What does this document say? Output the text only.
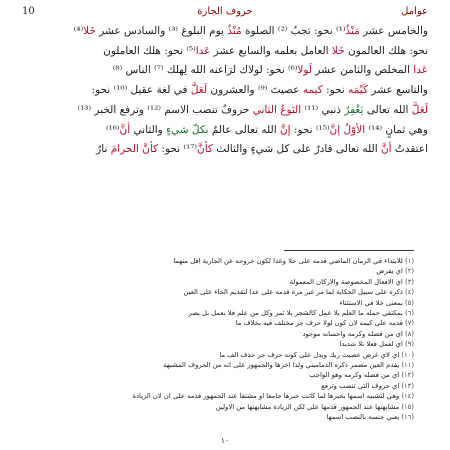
10	حروف الجارة	عوامل
والخامس عشر مَنْذُ⁽¹⁾ نحو: تجبُ ⁽²⁾ الصلوة مُنْذُ يوم البلوغ ⁽³⁾ والسادس عشر خَلا⁽⁴⁾
نحو: هلك العالمون خَلا العامل بعلمه والسابع عشر عَدا⁽⁵⁾ نحو: هلك العاملون
عَدا المخلص والثامن عشر لَولا⁽⁶⁾ نحو: لولاك لرَاعنه الله لِهلك ⁽⁷⁾ الناس ⁽⁸⁾
والتاسع عشر كَيْمَه نحو: كيمه عصيتَ ⁽⁹⁾ والعشرون لَعَلَّ في لغة عقيل ⁽¹⁰⁾ نحو:
لَعَلَّ الله تعالى يَغْفِرُ ذنبي ⁽¹¹⁾ النَوعُ الثاني حروفٌ تنصب الاسم ⁽¹²⁾ وترفع الخبر ⁽¹³⁾
وهي ثمانٍ ⁽¹⁴⁾ الأوّلُ إنَّ⁽¹⁵⁾ نحو: إنَّ الله تعالى عالمٌ بكلّ شيءٍ والثاني أنَّ⁽¹⁶⁾
اعتقدتُ أنَّ الله تعالى قادرٌ على كل شيءٍ والثالث كأنَّ⁽¹⁷⁾ نحو: كأنَّ الحرامَ نارٌ
(١) للابتداء في الزمان الماضي قدمه على خلا وعدا لكون خروجه عن الجارية اقل منهما
(٢) اي يفرض
(٣) اي الافعال المخصوصة والاركان المعمولة
(٤) ذكره على سبيل الحكاية لما مر غير مرة قدمه على عدا لتقديم الخاء على العين
(٥) بمعنى خلا في الاستثناء
(٦) بمكتفي حمله ما العلم بلا عمل كالشجر بلا ثمر وكل من علم فلا بعمل بل يصر
(٧) قدمه على كيمه لان كون لولا حرف جر مختلف فيه بخلاف ما
(٨) اي من فضله وكرمه واحسانه موجود
(٩) اي لعمل فعلا تلا شديدا
(١٠) اي لاي غرض عصيت ربك وبدل على كونه حرف جر حذف الف ما
(١١) يقدم العين مضمر ذكره الدماميني ولذا اخرها والجمهور على انه من الحروف المشبهة
(١٢) اي من فضله وكرمه وهو الواجب
(١٣) اي حروف التي تنصب وترفع
(١٤) وهي لتشبيه اسمها بخبرها لما كانت خبرها جامعا او مشتقا عند الجمهور قدمه على ان لان الزيادة
(١٥) مشابهتها عند الجمهور قدمها على لكن الزيادة مشابهتها من الاولين
(١٦) يعني جنسه بالنصب اسمها
١٠
